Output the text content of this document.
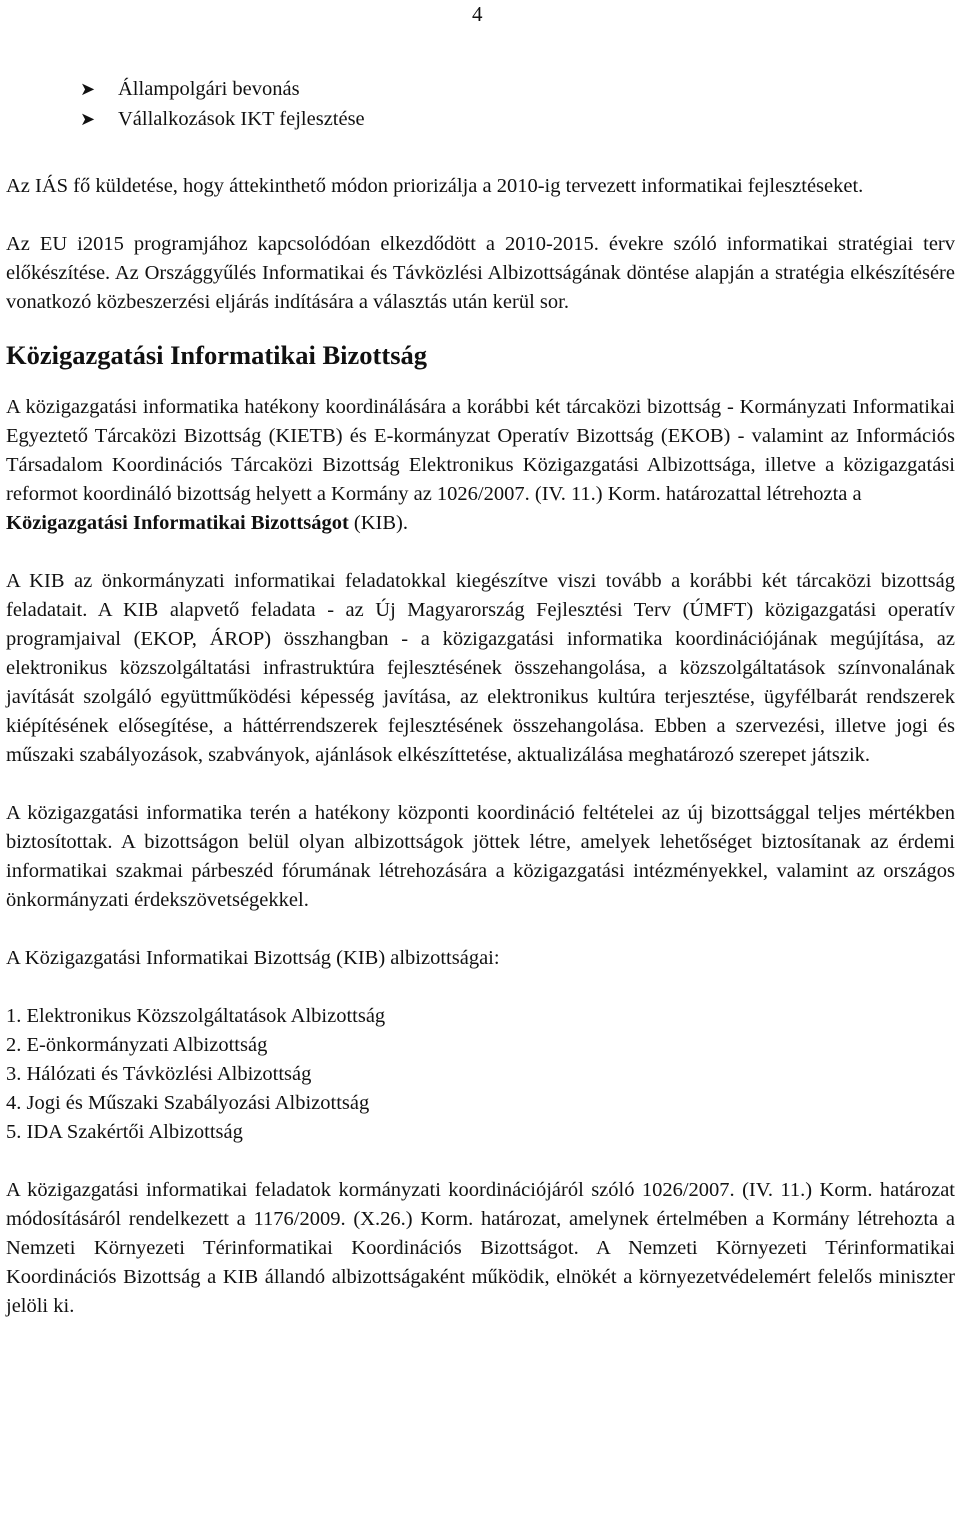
4
➤	Állampolgári bevonás
➤	Vállalkozások IKT fejlesztése

Az IÁS fő küldetése, hogy áttekinthető módon priorizálja a 2010-ig tervezett informatikai fejlesztéseket.

Az EU i2015 programjához kapcsolódóan elkezdődött a 2010-2015. évekre szóló informatikai stratégiai terv előkészítése. Az Országgyűlés Informatikai és Távközlési Albizottságának döntése alapján a stratégia elkészítésére vonatkozó közbeszerzési eljárás indítására a választás után kerül sor.

Közigazgatási Informatikai Bizottság

A közigazgatási informatika hatékony koordinálására a korábbi két tárcaközi bizottság - Kormányzati Informatikai Egyeztető Tárcaközi Bizottság (KIETB) és E-kormányzat Operatív Bizottság (EKOB) - valamint az Információs Társadalom Koordinációs Tárcaközi Bizottság Elektronikus Közigazgatási Albizottsága, illetve a közigazgatási reformot koordináló bizottság helyett a Kormány az 1026/2007. (IV. 11.) Korm. határozattal létrehozta a
Közigazgatási Informatikai Bizottságot (KIB).

A KIB az önkormányzati informatikai feladatokkal kiegészítve viszi tovább a korábbi két tárcaközi bizottság feladatait. A KIB alapvető feladata - az Új Magyarország Fejlesztési Terv (ÚMFT) közigazgatási operatív programjaival (EKOP, ÁROP) összhangban - a közigazgatási informatika koordinációjának megújítása, az elektronikus közszolgáltatási infrastruktúra fejlesztésének összehangolása, a közszolgáltatások színvonalának javítását szolgáló együttműködési képesség javítása, az elektronikus kultúra terjesztése, ügyfélbarát rendszerek kiépítésének elősegítése, a háttérrendszerek fejlesztésének összehangolása. Ebben a szervezési, illetve jogi és műszaki szabályozások, szabványok, ajánlások elkészíttetése, aktualizálása meghatározó szerepet játszik.

A közigazgatási informatika terén a hatékony központi koordináció feltételei az új bizottsággal teljes mértékben biztosítottak. A bizottságon belül olyan albizottságok jöttek létre, amelyek lehetőséget biztosítanak az érdemi informatikai szakmai párbeszéd fórumának létrehozására a közigazgatási intézményekkel, valamint az országos önkormányzati érdekszövetségekkel.

A Közigazgatási Informatikai Bizottság (KIB) albizottságai:

1. Elektronikus Közszolgáltatások Albizottság
2. E-önkormányzati Albizottság
3. Hálózati és Távközlési Albizottság
4. Jogi és Műszaki Szabályozási Albizottság
5. IDA Szakértői Albizottság

A közigazgatási informatikai feladatok kormányzati koordinációjáról szóló 1026/2007. (IV. 11.) Korm. határozat módosításáról rendelkezett a 1176/2009. (X.26.) Korm. határozat, amelynek értelmében a Kormány létrehozta a Nemzeti Környezeti Térinformatikai Koordinációs Bizottságot. A Nemzeti Környezeti Térinformatikai Koordinációs Bizottság a KIB állandó albizottságaként működik, elnökét a környezetvédelemért felelős miniszter jelöli ki.
